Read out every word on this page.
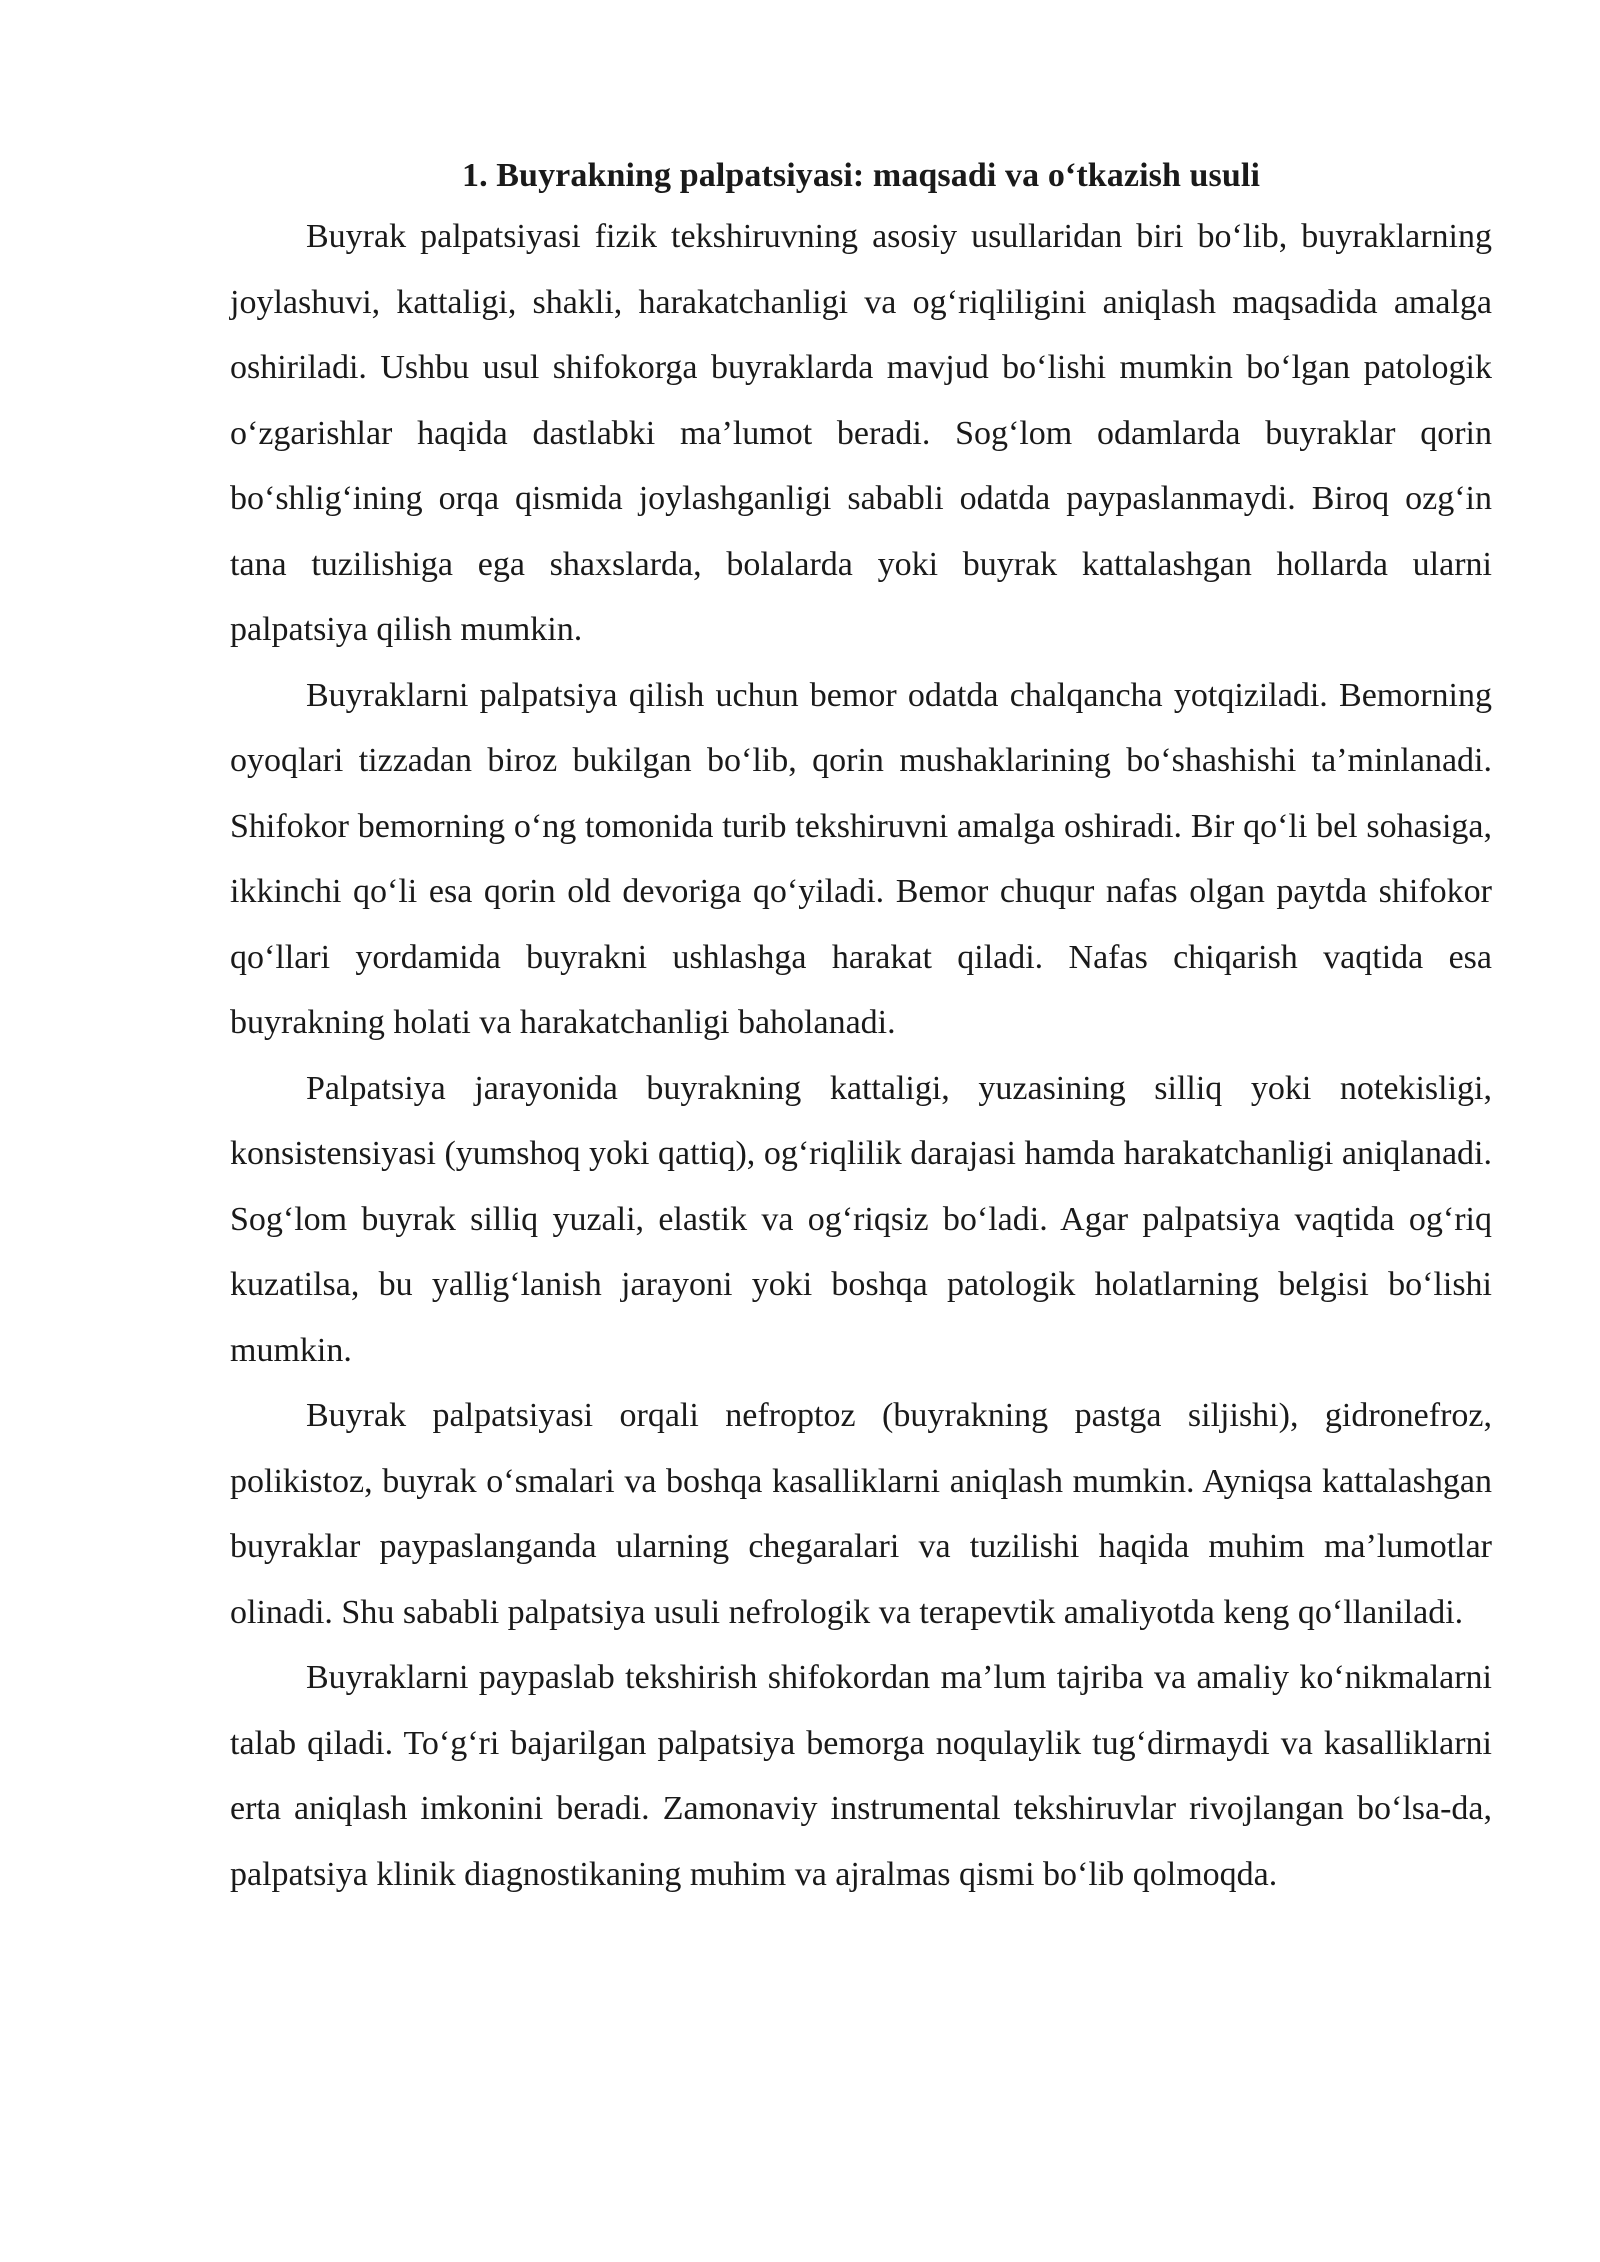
1. Buyrakning palpatsiyasi: maqsadi va o‘tkazish usuli

Buyrak palpatsiyasi fizik tekshiruvning asosiy usullaridan biri bo‘lib, buyraklarning joylashuvi, kattaligi, shakli, harakatchanligi va og‘riqliligini aniqlash maqsadida amalga oshiriladi. Ushbu usul shifokorga buyraklarda mavjud bo‘lishi mumkin bo‘lgan patologik o‘zgarishlar haqida dastlabki ma’lumot beradi. Sog‘lom odamlarda buyraklar qorin bo‘shlig‘ining orqa qismida joylashganligi sababli odatda paypaslanmaydi. Biroq ozg‘in tana tuzilishiga ega shaxslarda, bolalarda yoki buyrak kattalashgan hollarda ularni palpatsiya qilish mumkin.

Buyraklarni palpatsiya qilish uchun bemor odatda chalqancha yotqiziladi. Bemorning oyoqlari tizzadan biroz bukilgan bo‘lib, qorin mushaklarining bo‘shashishi ta’minlanadi. Shifokor bemorning o‘ng tomonida turib tekshiruvni amalga oshiradi. Bir qo‘li bel sohasiga, ikkinchi qo‘li esa qorin old devoriga qo‘yiladi. Bemor chuqur nafas olgan paytda shifokor qo‘llari yordamida buyrakni ushlashga harakat qiladi. Nafas chiqarish vaqtida esa buyrakning holati va harakatchanligi baholanadi.

Palpatsiya jarayonida buyrakning kattaligi, yuzasining silliq yoki notekisligi, konsistensiyasi (yumshoq yoki qattiq), og‘riqlilik darajasi hamda harakatchanligi aniqlanadi. Sog‘lom buyrak silliq yuzali, elastik va og‘riqsiz bo‘ladi. Agar palpatsiya vaqtida og‘riq kuzatilsa, bu yallig‘lanish jarayoni yoki boshqa patologik holatlarning belgisi bo‘lishi mumkin.

Buyrak palpatsiyasi orqali nefroptoz (buyrakning pastga siljishi), gidronefroz, polikistoz, buyrak o‘smalari va boshqa kasalliklarni aniqlash mumkin. Ayniqsa kattalashgan buyraklar paypaslanganda ularning chegaralari va tuzilishi haqida muhim ma’lumotlar olinadi. Shu sababli palpatsiya usuli nefrologik va terapevtik amaliyotda keng qo‘llaniladi.

Buyraklarni paypaslab tekshirish shifokordan ma’lum tajriba va amaliy ko‘nikmalarni talab qiladi. To‘g‘ri bajarilgan palpatsiya bemorga noqulaylik tug‘dirmaydi va kasalliklarni erta aniqlash imkonini beradi. Zamonaviy instrumental tekshiruvlar rivojlangan bo‘lsa-da, palpatsiya klinik diagnostikaning muhim va ajralmas qismi bo‘lib qolmoqda.
